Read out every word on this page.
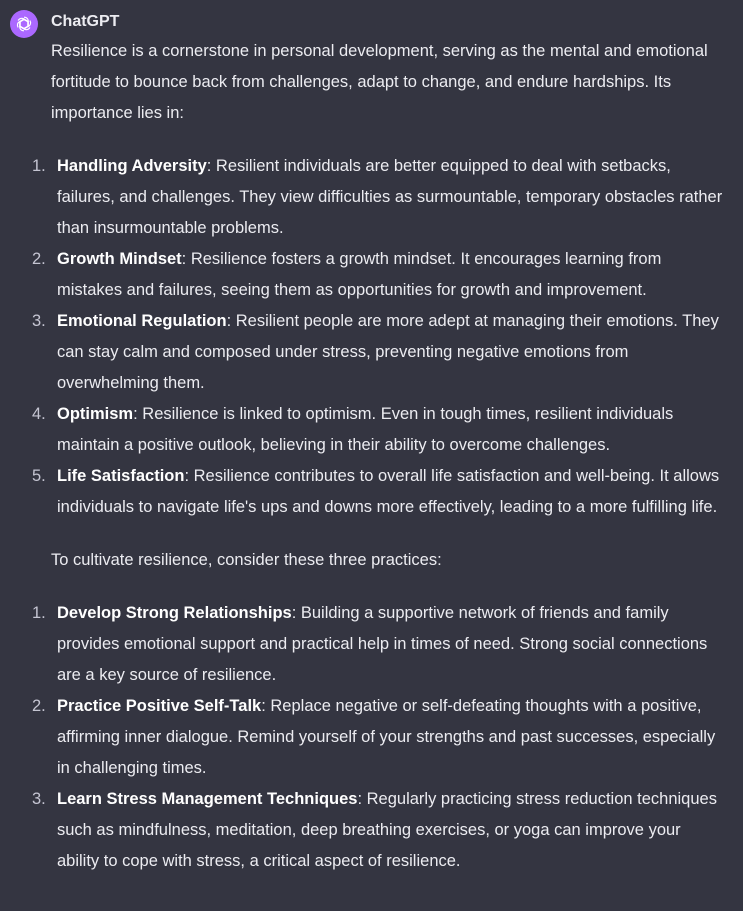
ChatGPT

Resilience is a cornerstone in personal development, serving as the mental and emotional fortitude to bounce back from challenges, adapt to change, and endure hardships. Its importance lies in:

1. Handling Adversity: Resilient individuals are better equipped to deal with setbacks, failures, and challenges. They view difficulties as surmountable, temporary obstacles rather than insurmountable problems.
2. Growth Mindset: Resilience fosters a growth mindset. It encourages learning from mistakes and failures, seeing them as opportunities for growth and improvement.
3. Emotional Regulation: Resilient people are more adept at managing their emotions. They can stay calm and composed under stress, preventing negative emotions from overwhelming them.
4. Optimism: Resilience is linked to optimism. Even in tough times, resilient individuals maintain a positive outlook, believing in their ability to overcome challenges.
5. Life Satisfaction: Resilience contributes to overall life satisfaction and well-being. It allows individuals to navigate life's ups and downs more effectively, leading to a more fulfilling life.

To cultivate resilience, consider these three practices:

1. Develop Strong Relationships: Building a supportive network of friends and family provides emotional support and practical help in times of need. Strong social connections are a key source of resilience.
2. Practice Positive Self-Talk: Replace negative or self-defeating thoughts with a positive, affirming inner dialogue. Remind yourself of your strengths and past successes, especially in challenging times.
3. Learn Stress Management Techniques: Regularly practicing stress reduction techniques such as mindfulness, meditation, deep breathing exercises, or yoga can improve your ability to cope with stress, a critical aspect of resilience.
